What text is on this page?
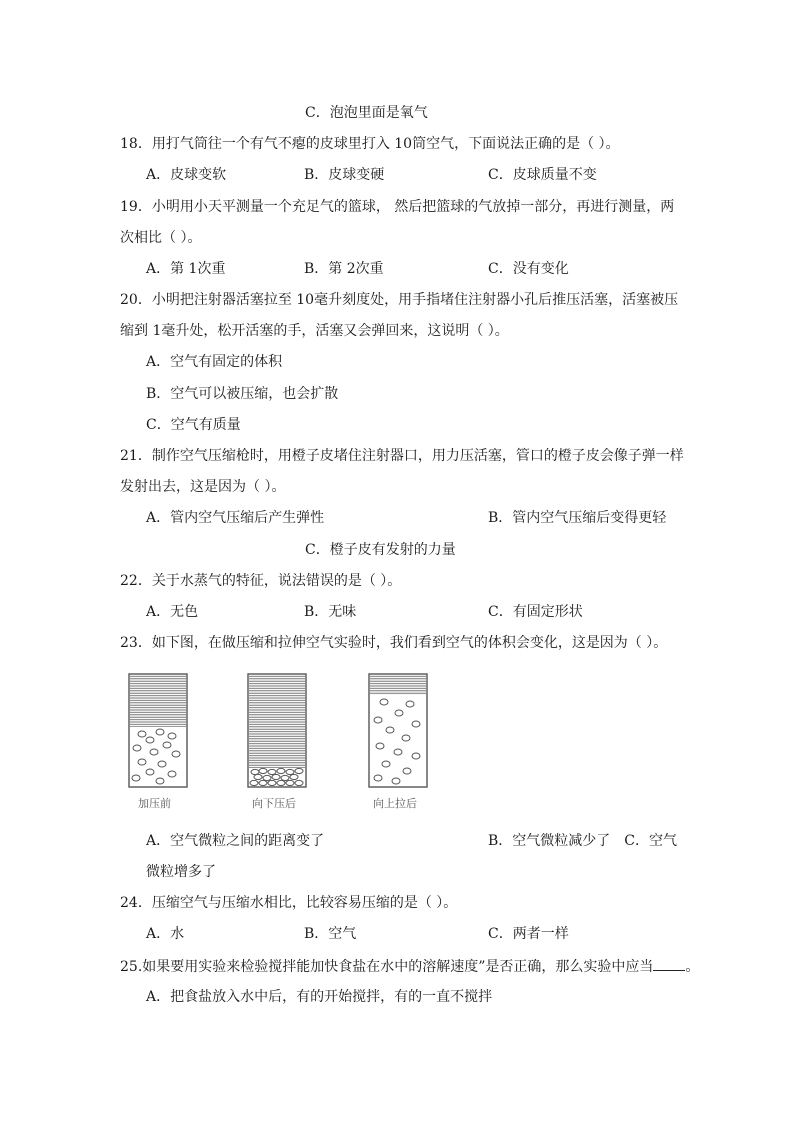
C．泡泡里面是氧气
18．用打气筒往一个有气不瘪的皮球里打入 10筒空气，下面说法正确的是（ ）。
A．皮球变软	B．皮球变硬	C．皮球质量不变
19．小明用小天平测量一个充足气的篮球， 然后把篮球的气放掉一部分，再进行测量，两
次相比（ ）。
A．第 1次重	B．第 2次重	C．没有变化
20．小明把注射器活塞拉至 10毫升刻度处，用手指堵住注射器小孔后推压活塞，活塞被压
缩到 1毫升处，松开活塞的手，活塞又会弹回来，这说明（ ）。
A．空气有固定的体积
B．空气可以被压缩，也会扩散
C．空气有质量
21．制作空气压缩枪时，用橙子皮堵住注射器口，用力压活塞，管口的橙子皮会像子弹一样
发射出去，这是因为（ ）。
A．管内空气压缩后产生弹性	B．管内空气压缩后变得更轻
C．橙子皮有发射的力量
22．关于水蒸气的特征，说法错误的是（ ）。
A．无色	B．无味	C．有固定形状
23．如下图，在做压缩和拉伸空气实验时，我们看到空气的体积会变化，这是因为（ ）。
加压前	向下压后	向上拉后
A．空气微粒之间的距离变了	B．空气微粒减少了　C．空气
微粒增多了
24．压缩空气与压缩水相比，比较容易压缩的是（ ）。
A．水	B．空气	C．两者一样
25.如果要用实验来检验搅拌能加快食盐在水中的溶解速度”是否正确，那么实验中应当 。
A．把食盐放入水中后，有的开始搅拌，有的一直不搅拌
